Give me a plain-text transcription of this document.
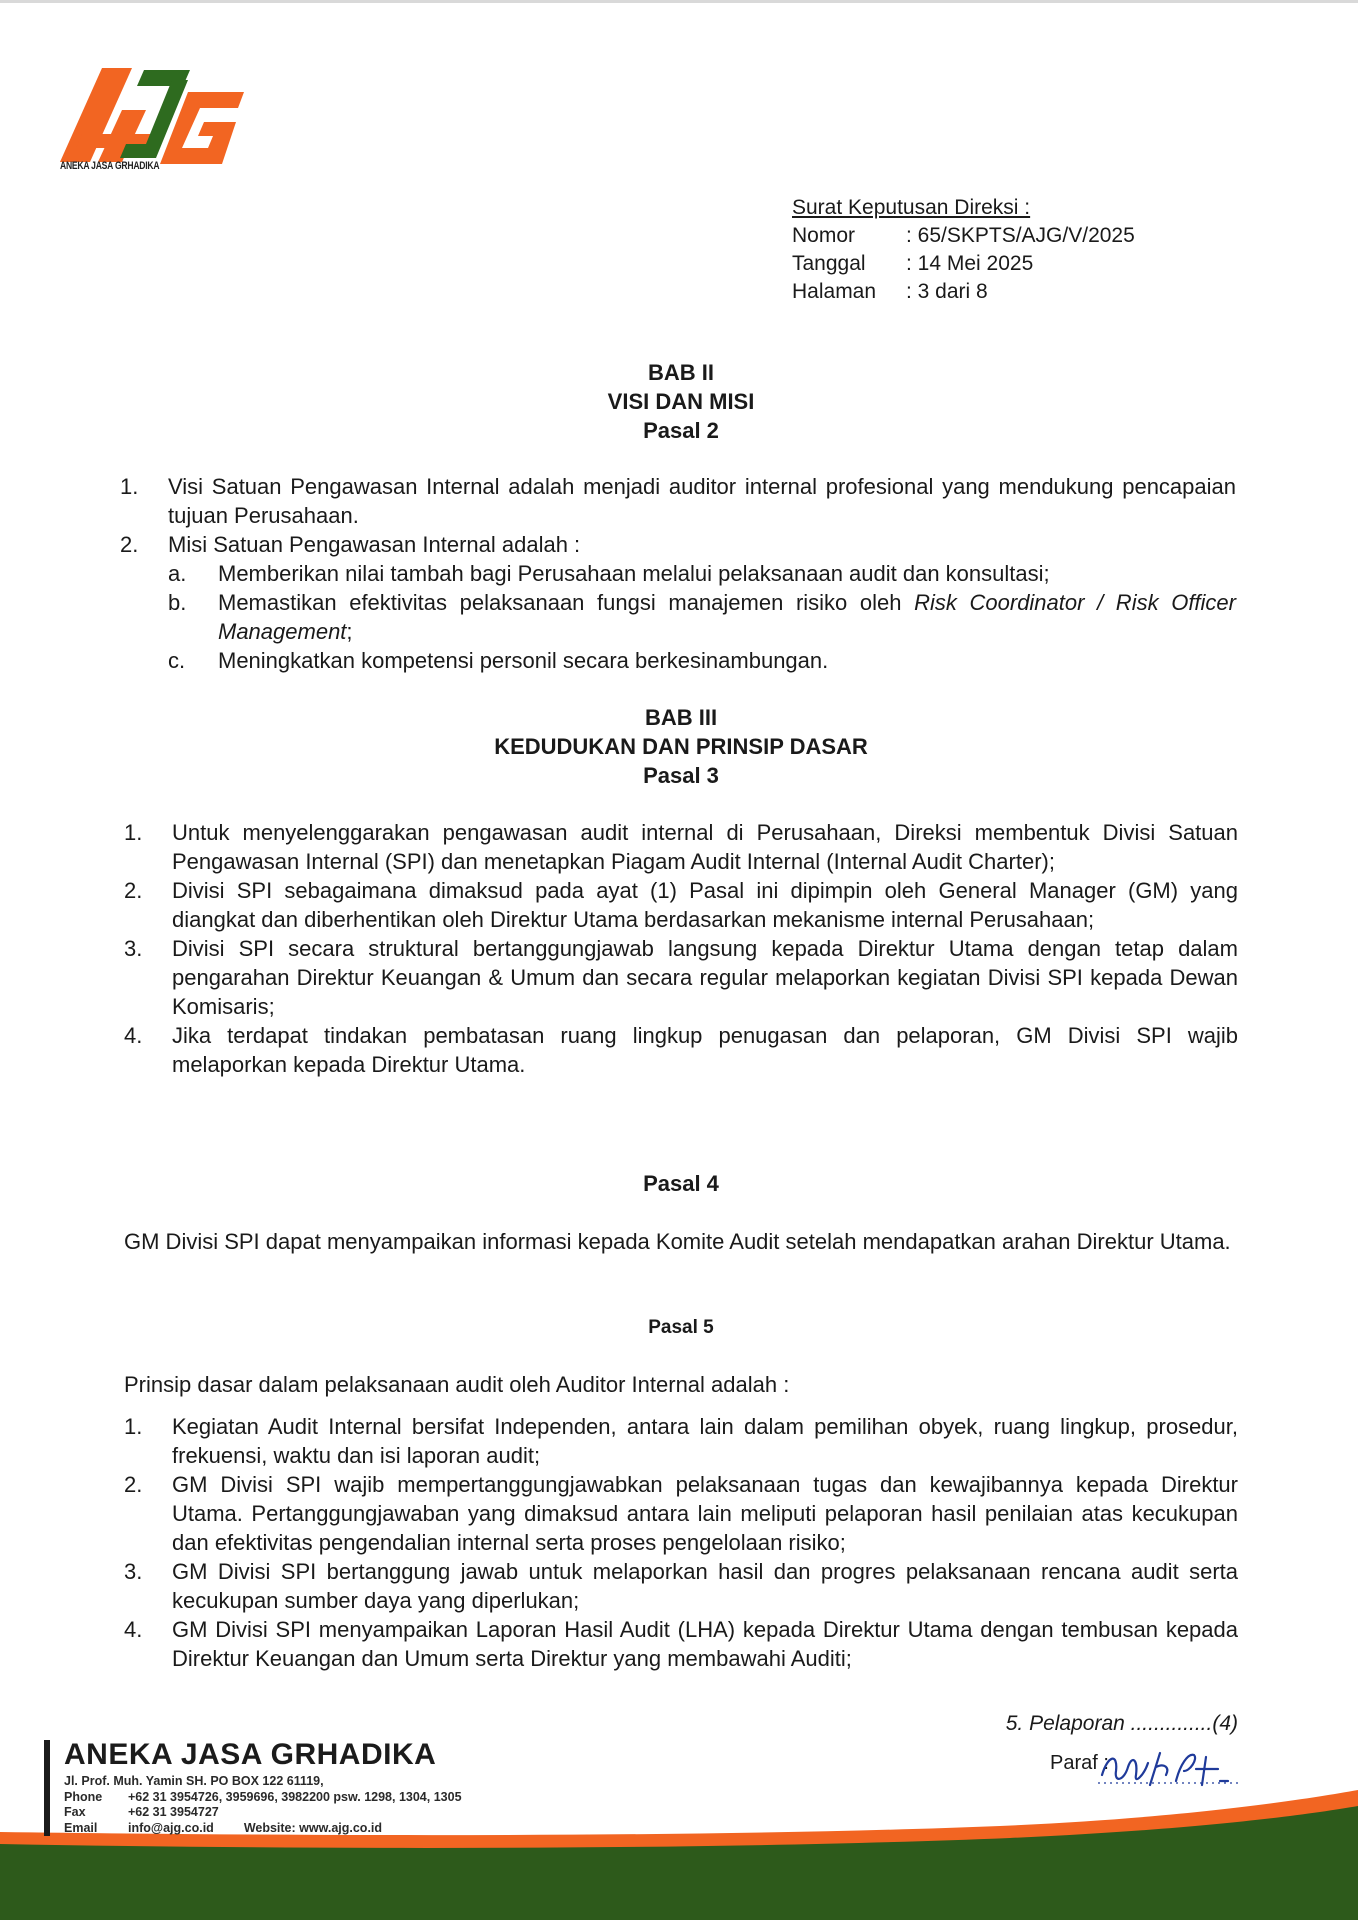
ANEKA JASA GRHADIKA
Surat Keputusan Direksi :
Nomor	: 65/SKPTS/AJG/V/2025
Tanggal	: 14 Mei 2025
Halaman	: 3 dari 8
BAB II
VISI DAN MISI
Pasal 2
1. Visi Satuan Pengawasan Internal adalah menjadi auditor internal profesional yang mendukung pencapaian tujuan Perusahaan.
2. Misi Satuan Pengawasan Internal adalah :
a. Memberikan nilai tambah bagi Perusahaan melalui pelaksanaan audit dan konsultasi;
b. Memastikan efektivitas pelaksanaan fungsi manajemen risiko oleh Risk Coordinator / Risk Officer Management;
c. Meningkatkan kompetensi personil secara berkesinambungan.
BAB III
KEDUDUKAN DAN PRINSIP DASAR
Pasal 3
1. Untuk menyelenggarakan pengawasan audit internal di Perusahaan, Direksi membentuk Divisi Satuan Pengawasan Internal (SPI) dan menetapkan Piagam Audit Internal (Internal Audit Charter);
2. Divisi SPI sebagaimana dimaksud pada ayat (1) Pasal ini dipimpin oleh General Manager (GM) yang diangkat dan diberhentikan oleh Direktur Utama berdasarkan mekanisme internal Perusahaan;
3. Divisi SPI secara struktural bertanggungjawab langsung kepada Direktur Utama dengan tetap dalam pengarahan Direktur Keuangan & Umum dan secara regular melaporkan kegiatan Divisi SPI kepada Dewan Komisaris;
4. Jika terdapat tindakan pembatasan ruang lingkup penugasan dan pelaporan, GM Divisi SPI wajib melaporkan kepada Direktur Utama.
Pasal 4
GM Divisi SPI dapat menyampaikan informasi kepada Komite Audit setelah mendapatkan arahan Direktur Utama.
Pasal 5
Prinsip dasar dalam pelaksanaan audit oleh Auditor Internal adalah :
1. Kegiatan Audit Internal bersifat Independen, antara lain dalam pemilihan obyek, ruang lingkup, prosedur, frekuensi, waktu dan isi laporan audit;
2. GM Divisi SPI wajib mempertanggungjawabkan pelaksanaan tugas dan kewajibannya kepada Direktur Utama. Pertanggungjawaban yang dimaksud antara lain meliputi pelaporan hasil penilaian atas kecukupan dan efektivitas pengendalian internal serta proses pengelolaan risiko;
3. GM Divisi SPI bertanggung jawab untuk melaporkan hasil dan progres pelaksanaan rencana audit serta kecukupan sumber daya yang diperlukan;
4. GM Divisi SPI menyampaikan Laporan Hasil Audit (LHA) kepada Direktur Utama dengan tembusan kepada Direktur Keuangan dan Umum serta Direktur yang membawahi Auditi;
5. Pelaporan ..............(4)
Paraf :
ANEKA JASA GRHADIKA
Jl. Prof. Muh. Yamin SH. PO BOX 122 61119,
Phone +62 31 3954726, 3959696, 3982200 psw. 1298, 1304, 1305
Fax	+62 31 3954727
Email info@ajg.co.id Website: www.ajg.co.id
